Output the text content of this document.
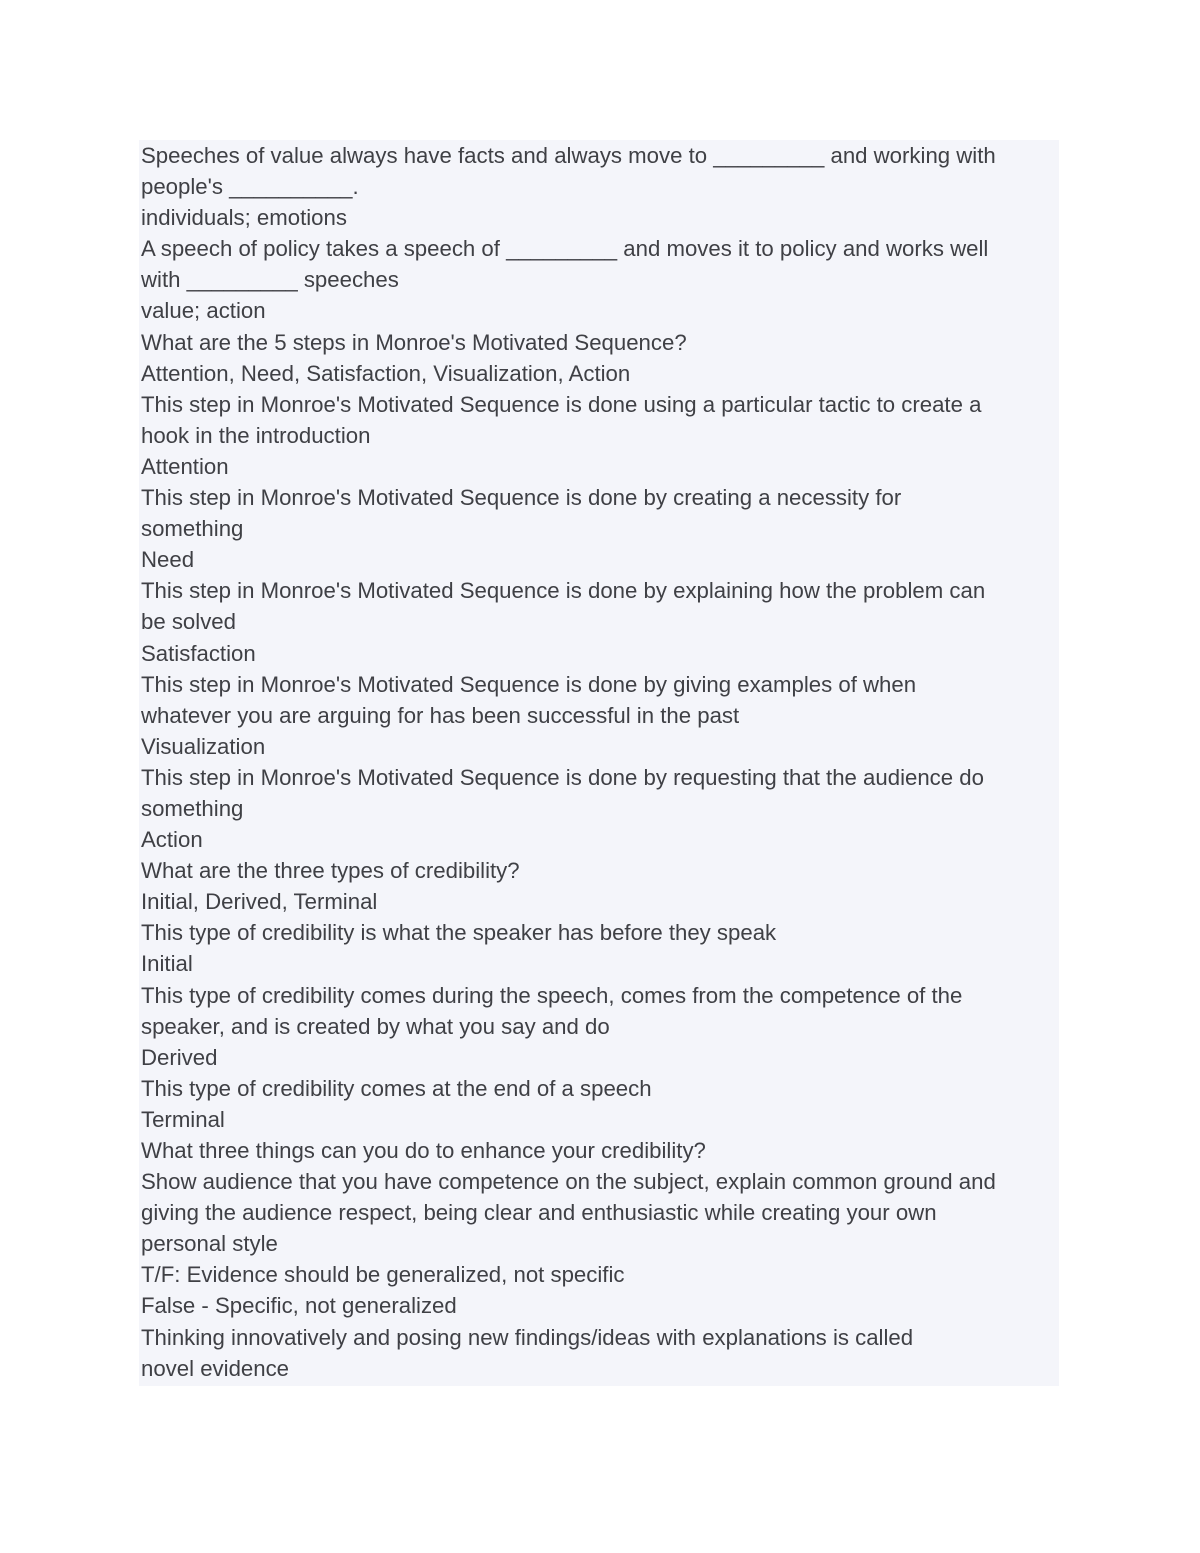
Speeches of value always have facts and always move to _________ and working with

people's __________.

individuals; emotions

A speech of policy takes a speech of _________ and moves it to policy and works well

with _________ speeches

value; action

What are the 5 steps in Monroe's Motivated Sequence?

Attention, Need, Satisfaction, Visualization, Action

This step in Monroe's Motivated Sequence is done using a particular tactic to create a

hook in the introduction

Attention

This step in Monroe's Motivated Sequence is done by creating a necessity for

something

Need

This step in Monroe's Motivated Sequence is done by explaining how the problem can

be solved

Satisfaction

This step in Monroe's Motivated Sequence is done by giving examples of when

whatever you are arguing for has been successful in the past

Visualization

This step in Monroe's Motivated Sequence is done by requesting that the audience do

something

Action

What are the three types of credibility?

Initial, Derived, Terminal

This type of credibility is what the speaker has before they speak

Initial

This type of credibility comes during the speech, comes from the competence of the

speaker, and is created by what you say and do

Derived

This type of credibility comes at the end of a speech

Terminal

What three things can you do to enhance your credibility?

Show audience that you have competence on the subject, explain common ground and

giving the audience respect, being clear and enthusiastic while creating your own

personal style

T/F: Evidence should be generalized, not specific

False - Specific, not generalized

Thinking innovatively and posing new findings/ideas with explanations is called

novel evidence
